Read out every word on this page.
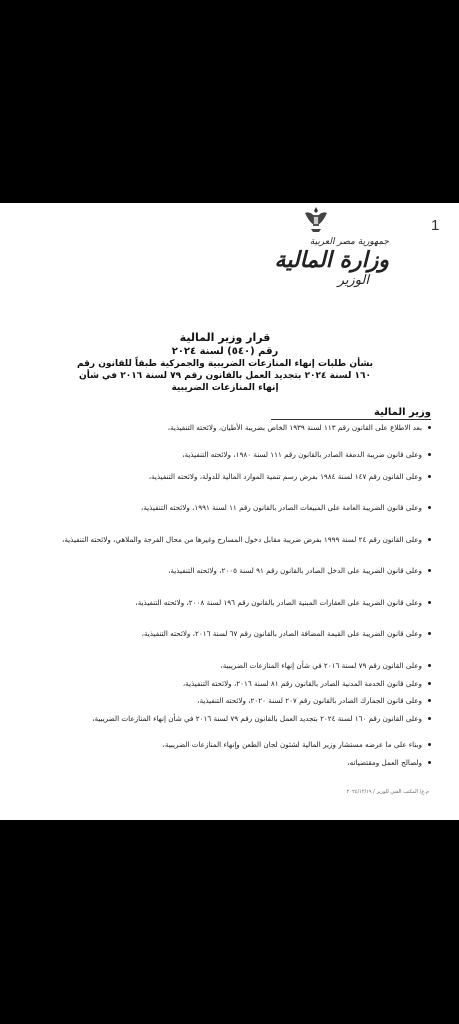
1
جمهورية مصر العربية
وزارة المالية
الوزير
قرار وزير المالية
رقم (٥٤٠) لسنة ٢٠٢٤
بشأن طلبات إنهاء المنازعات الضريبية والجمركية طبقاً للقانون رقم ١٦٠ لسنة ٢٠٢٤ بتجديد العمل بالقانون رقم ٧٩ لسنة ٢٠١٦ في شأن إنهاء المنازعات الضريبية
وزير المالية
بعد الاطلاع على القانون رقم ١١٣ لسنة ١٩٣٩ الخاص بضريبة الأطيان، ولائحته التنفيذية،
وعلى قانون ضريبة الدمغة الصادر بالقانون رقم ١١١ لسنة ١٩٨٠، ولائحته التنفيذية،
وعلى القانون رقم ١٤٧ لسنة ١٩٨٤ بفرض رسم تنمية الموارد المالية للدولة، ولائحته التنفيذية،
وعلى قانون الضريبة العامة على المبيعات الصادر بالقانون رقم ١١ لسنة ١٩٩١، ولائحته التنفيذية،
وعلى القانون رقم ٢٤ لسنة ١٩٩٩ بفرض ضريبة مقابل دخول المسارح وغيرها من محال الفرجة والملاهي، ولائحته التنفيذية،
وعلى قانون الضريبة على الدخل الصادر بالقانون رقم ٩١ لسنة ٢٠٠٥، ولائحته التنفيذية،
وعلى قانون الضريبة على العقارات المبنية الصادر بالقانون رقم ١٩٦ لسنة ٢٠٠٨، ولائحته التنفيذية،
وعلى قانون الضريبة على القيمة المضافة الصادر بالقانون رقم ٦٧ لسنة ٢٠١٦، ولائحته التنفيذية،
وعلى القانون رقم ٧٩ لسنة ٢٠١٦ في شأن إنهاء المنازعات الضريبية،
وعلى قانون الخدمة المدنية الصادر بالقانون رقم ٨١ لسنة ٢٠١٦، ولائحته التنفيذية،
وعلى قانون الجمارك الصادر بالقانون رقم ٢٠٧ لسنة ٢٠٢٠، ولائحته التنفيذية،
وعلى القانون رقم ١٦٠ لسنة ٢٠٢٤ بتجديد العمل بالقانون رقم ٧٩ لسنة ٢٠١٦ في شأن إنهاء المنازعات الضريبية،
وبناء على ما عرضه مستشار وزير المالية لشئون لجان الطعن وإنهاء المنازعات الضريبية،
ولصالح العمل ومقتضياته،
م.ع/ المكتب الفني للوزير / ٢٠٢٤/١٢/١٩
